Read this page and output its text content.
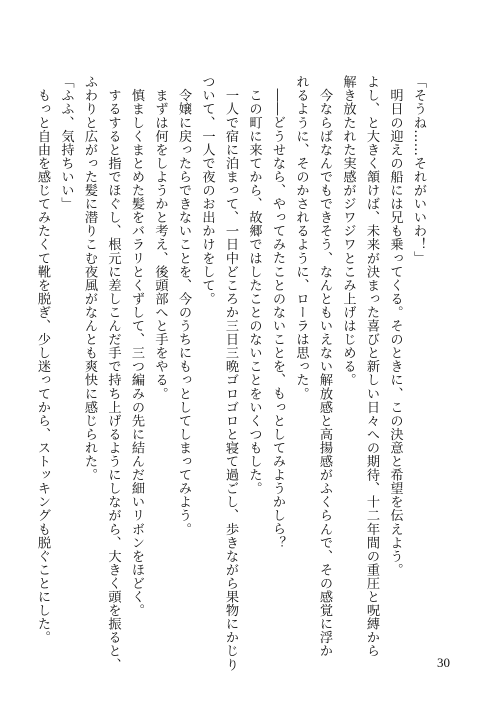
「そうね……それがいいわ！」
　明日の迎えの船には兄も乗ってくる。そのときに、この決意と希望を伝えよう。
よし、と大きく頷けば、未来が決まった喜びと新しい日々への期待、十二年間の重圧と呪縛から
解き放たれた実感がジワジワとこみ上げはじめる。
　今ならばなんでもできそう、なんともいえない解放感と高揚感がふくらんで、その感覚に浮か
れるように、そのかされるように、ローラは思った。
　――どうせなら、やってみたことのないことを、もっとしてみようかしら？
　この町に来てから、故郷ではしたことのないことをいくつもした。
　一人で宿に泊まって、一日中どころか三日三晩ゴロゴロと寝て過ごし、歩きながら果物にかじり
ついて、一人で夜のお出かけをして。
　令嬢に戻ったらできないことを、今のうちにもっとしてしまってみよう。
　まずは何をしようかと考え、後頭部へと手をやる。
　慎ましくまとめた髪をバラリとくずして、三つ編みの先に結んだ細いリボンをほどく。
　するすると指でほぐし、根元に差しこんだ手で持ち上げるようにしながら、大きく頭を振ると、
ふわりと広がった髪に潜りこむ夜風がなんとも爽快に感じられた。
「ふふ、気持ちいい」
　もっと自由を感じてみたくて靴を脱ぎ、少し迷ってから、ストッキングも脱ぐことにした。
30
